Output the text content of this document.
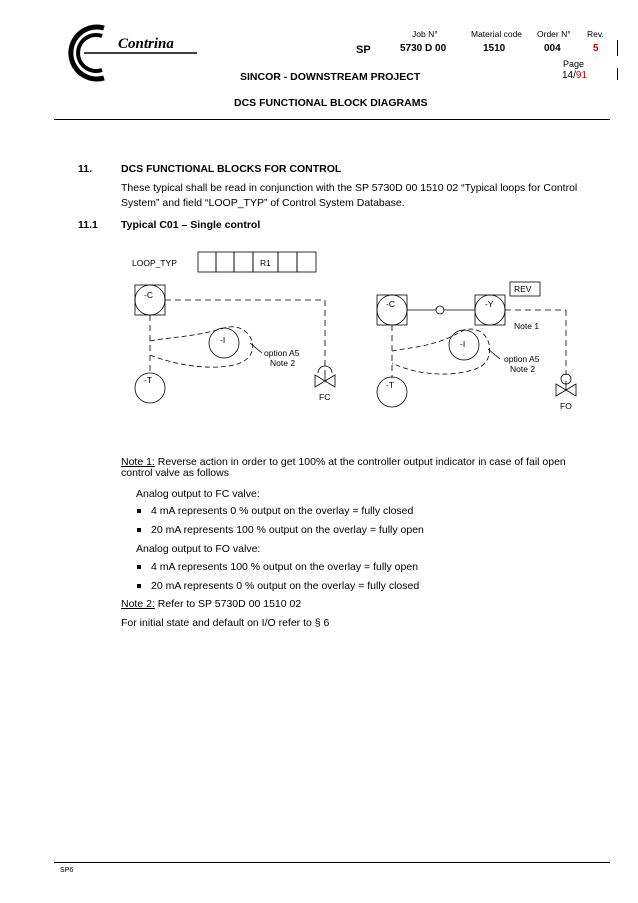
Contrina
Job N°	Material code Order N° Rev.
SP	5730 D 00	1510	004	5
Page
14/91
SINCOR - DOWNSTREAM PROJECT
DCS FUNCTIONAL BLOCK DIAGRAMS
11.	DCS FUNCTIONAL BLOCKS FOR CONTROL
These typical shall be read in conjunction with the SP 5730D 00 1510 02 “Typical loops for Control
System” and field “LOOP_TYP” of Control System Database.
11.1 Typical C01 – Single control
LOOP_TYP	R1
-C
-I
-T
option A5
Note 2
FC
REV
-C	-Y
Note 1
-I
-T
option A5
Note 2
FO
Note 1: Reverse action in order to get 100% at the controller output indicator in case of fail open
control valve as follows
Analog output to FC valve:
4 mA represents 0 % output on the overlay = fully closed
20 mA represents 100 % output on the overlay = fully open
Analog output to FO valve:
4 mA represents 100 % output on the overlay = fully open
20 mA represents 0 % output on the overlay = fully closed
Note 2: Refer to SP 5730D 00 1510 02
For initial state and default on I/O refer to § 6
SP6
